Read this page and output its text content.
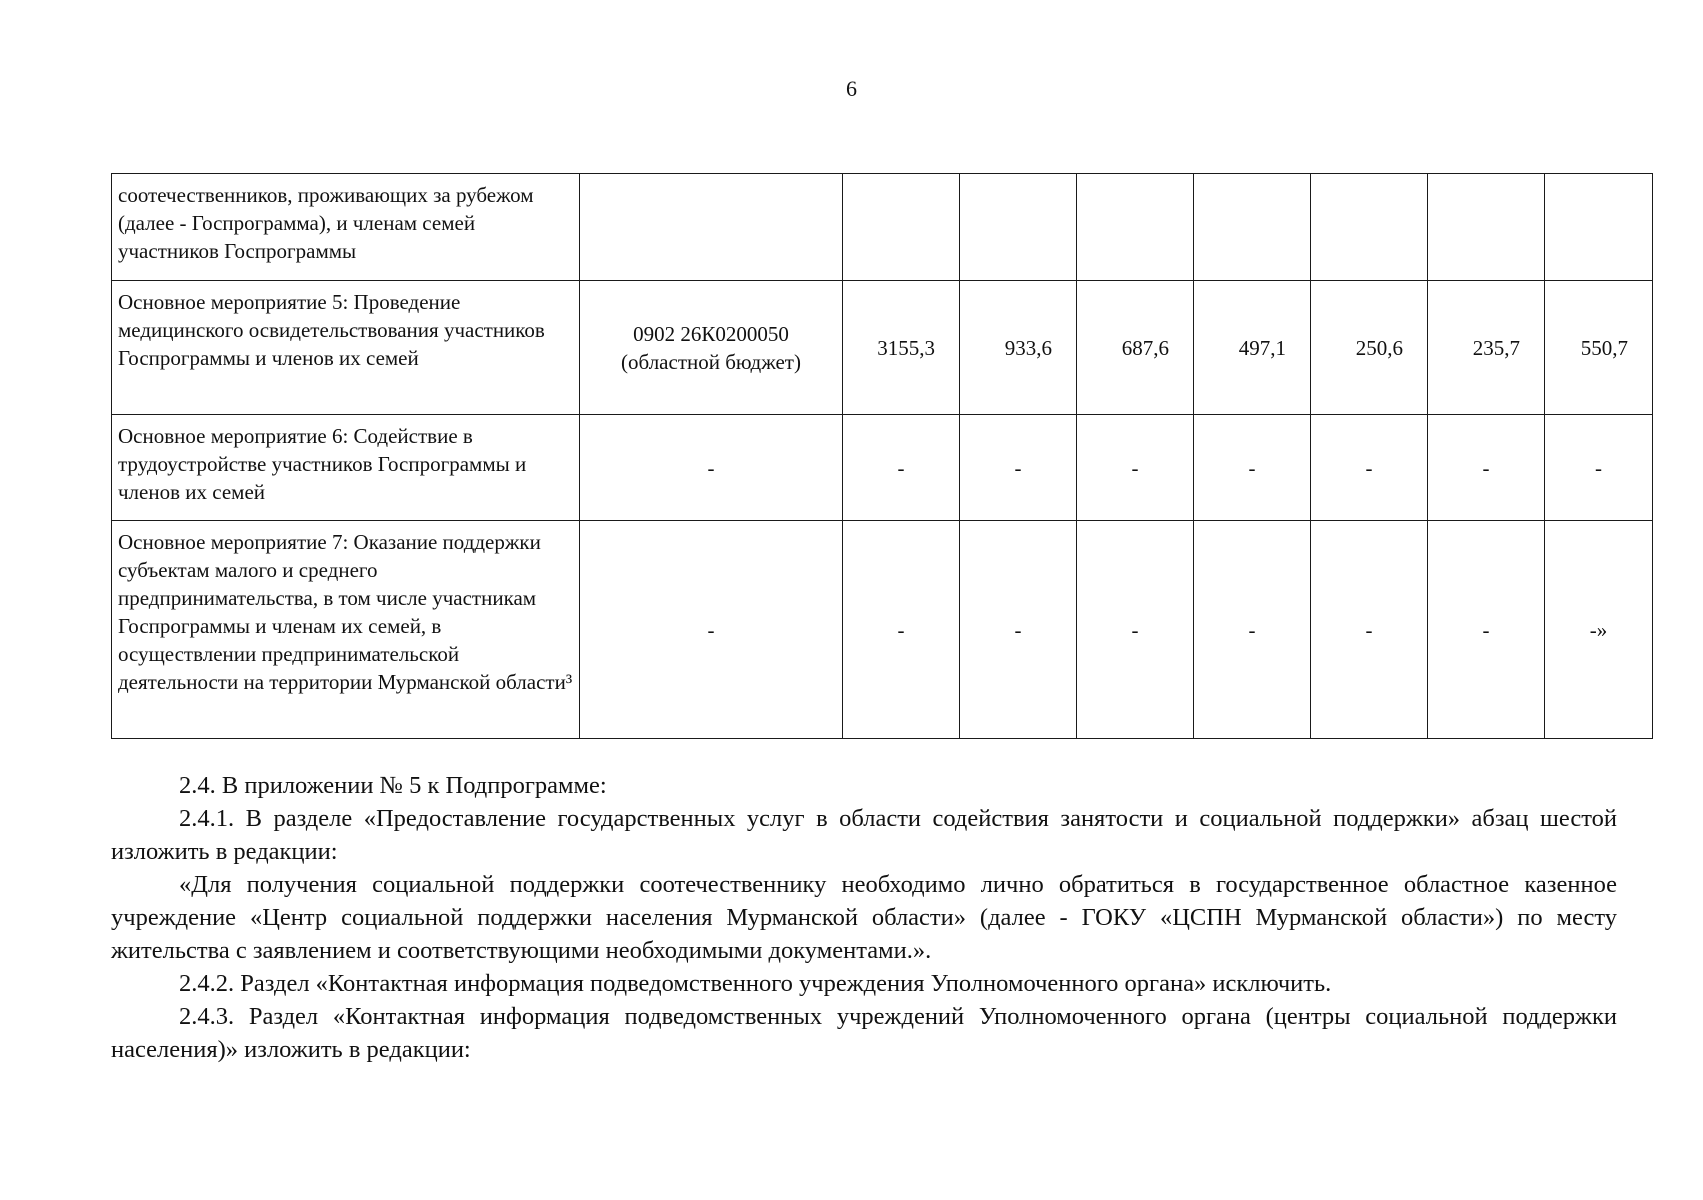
6
соотечественников, проживающих за рубежом (далее - Госпрограмма), и членам семей участников Госпрограммы								
Основное мероприятие 5: Проведение медицинского освидетельствования участников Госпрограммы и членов их семей	0902 26К0200050 (областной бюджет)	3155,3	933,6	687,6	497,1	250,6	235,7	550,7
Основное мероприятие 6: Содействие в трудоустройстве участников Госпрограммы и членов их семей	-	-	-	-	-	-	-	-
Основное мероприятие 7: Оказание поддержки субъектам малого и среднего предпринимательства, в том числе участникам Госпрограммы и членам их семей, в осуществлении предпринимательской деятельности на территории Мурманской области³	-	-	-	-	-	-	-	-»

2.4. В приложении № 5 к Подпрограмме:

2.4.1. В разделе «Предоставление государственных услуг в области содействия занятости и социальной поддержки» абзац шестой изложить в редакции:

«Для получения социальной поддержки соотечественнику необходимо лично обратиться в государственное областное казенное учреждение «Центр социальной поддержки населения Мурманской области» (далее - ГОКУ «ЦСПН Мурманской области») по месту жительства с заявлением и соответствующими необходимыми документами.».

2.4.2. Раздел «Контактная информация подведомственного учреждения Уполномоченного органа» исключить.

2.4.3. Раздел «Контактная информация подведомственных учреждений Уполномоченного органа (центры социальной поддержки населения)» изложить в редакции:
